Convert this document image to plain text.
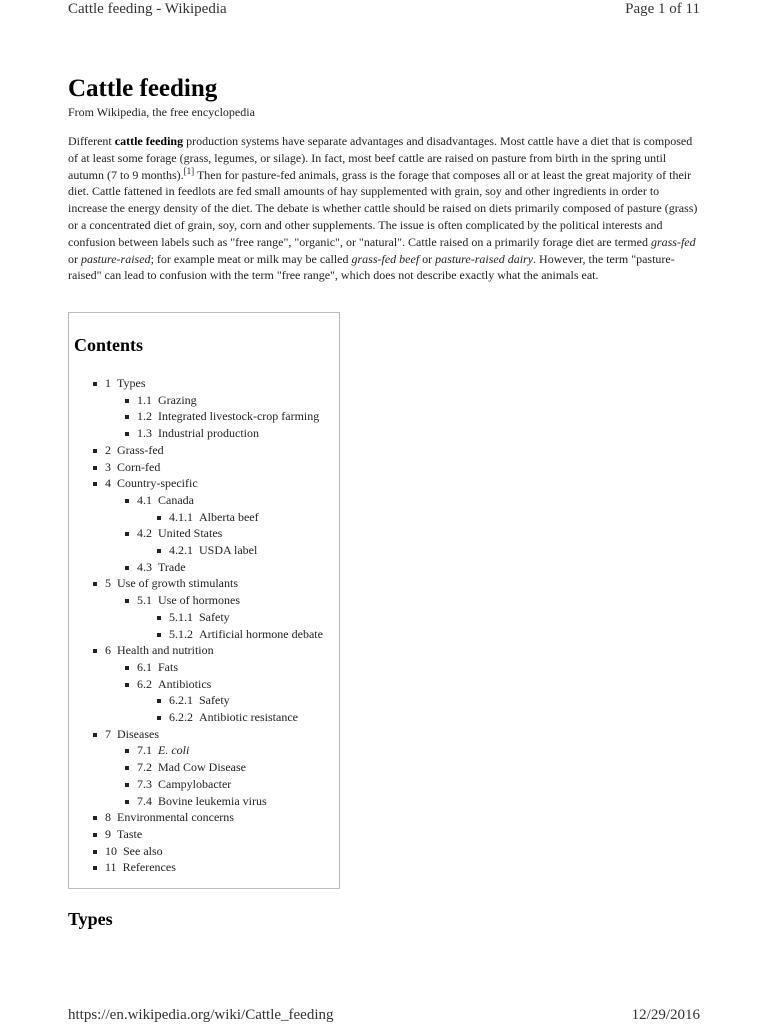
Cattle feeding - Wikipedia	Page 1 of 11
Cattle feeding
From Wikipedia, the free encyclopedia

Different cattle feeding production systems have separate advantages and disadvantages. Most cattle have a diet that is composed of at least some forage (grass, legumes, or silage). In fact, most beef cattle are raised on pasture from birth in the spring until autumn (7 to 9 months).[1] Then for pasture-fed animals, grass is the forage that composes all or at least the great majority of their diet. Cattle fattened in feedlots are fed small amounts of hay supplemented with grain, soy and other ingredients in order to increase the energy density of the diet. The debate is whether cattle should be raised on diets primarily composed of pasture (grass) or a concentrated diet of grain, soy, corn and other supplements. The issue is often complicated by the political interests and confusion between labels such as "free range", "organic", or "natural". Cattle raised on a primarily forage diet are termed grass-fed or pasture-raised; for example meat or milk may be called grass-fed beef or pasture-raised dairy. However, the term "pasture-raised" can lead to confusion with the term "free range", which does not describe exactly what the animals eat.

Contents
1 Types
1.1 Grazing
1.2 Integrated livestock-crop farming
1.3 Industrial production
2 Grass-fed
3 Corn-fed
4 Country-specific
4.1 Canada
4.1.1 Alberta beef
4.2 United States
4.2.1 USDA label
4.3 Trade
5 Use of growth stimulants
5.1 Use of hormones
5.1.1 Safety
5.1.2 Artificial hormone debate
6 Health and nutrition
6.1 Fats
6.2 Antibiotics
6.2.1 Safety
6.2.2 Antibiotic resistance
7 Diseases
7.1 E. coli
7.2 Mad Cow Disease
7.3 Campylobacter
7.4 Bovine leukemia virus
8 Environmental concerns
9 Taste
10 See also
11 References
Types
https://en.wikipedia.org/wiki/Cattle_feeding	12/29/2016
